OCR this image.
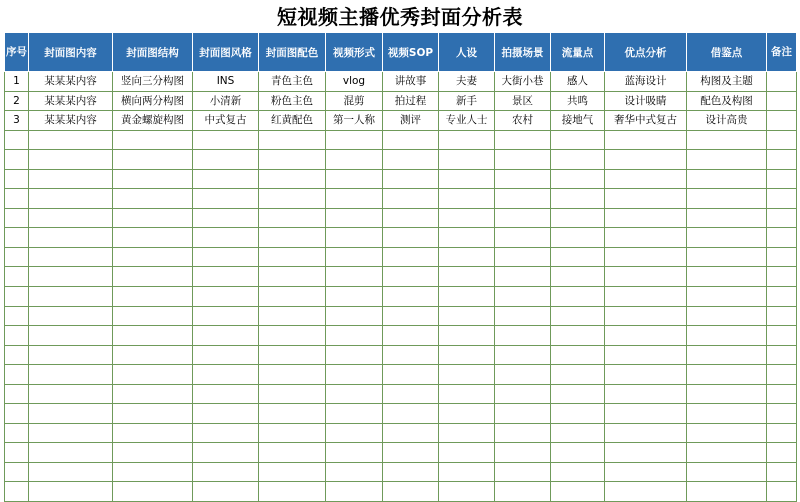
短视频主播优秀封面分析表
序号	封面图内容	封面图结构	封面图风格	封面图配色	视频形式	视频SOP	人设	拍摄场景	流量点	优点分析	借鉴点	备注
1	某某某内容	竖向三分构图	INS	青色主色	vlog	讲故事	夫妻	大街小巷	感人	蓝海设计	构图及主题	
2	某某某内容	横向两分构图	小清新	粉色主色	混剪	拍过程	新手	景区	共鸣	设计吸睛	配色及构图	
3	某某某内容	黄金螺旋构图	中式复古	红黄配色	第一人称	测评	专业人士	农村	接地气	奢华中式复古	设计高贵	
